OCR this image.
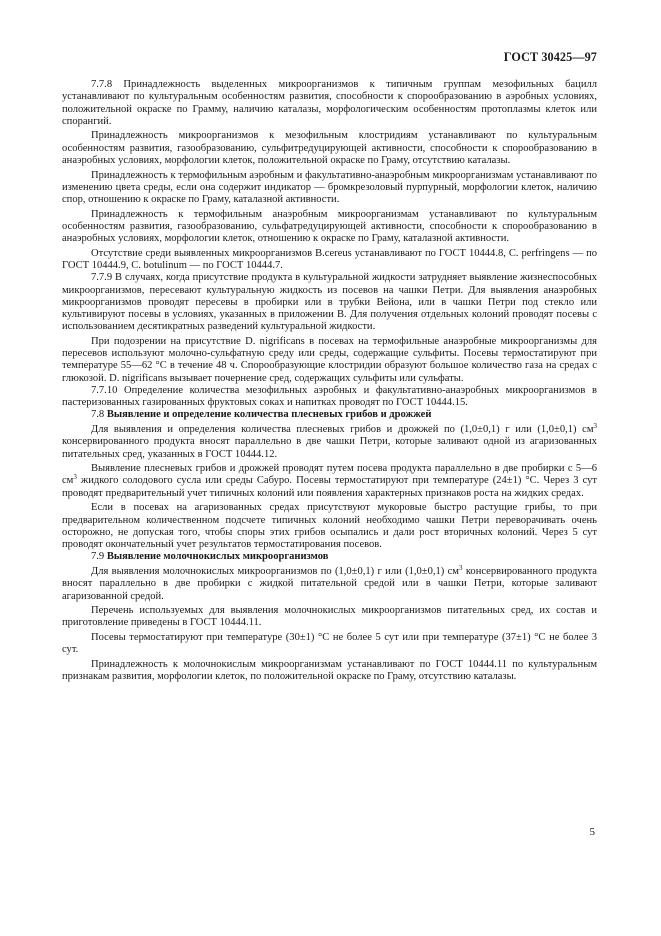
ГОСТ 30425—97

7.7.8 Принадлежность выделенных микроорганизмов к типичным группам мезофильных бацилл устанавливают по культуральным особенностям развития, способности к спорообразованию в аэробных условиях, положительной окраске по Грамму, наличию каталазы, морфологическим особенностям протоплазмы клеток или спорангий.

Принадлежность микроорганизмов к мезофильным клостридиям устанавливают по культуральным особенностям развития, газообразованию, сульфитредуцирующей активности, способности к спорообразованию в анаэробных условиях, морфологии клеток, положительной окраске по Граму, отсутствию каталазы.

Принадлежность к термофильным аэробным и факультативно-анаэробным микроорганизмам устанавливают по изменению цвета среды, если она содержит индикатор — бромкрезоловый пурпурный, морфологии клеток, наличию спор, отношению к окраске по Граму, каталазной активности.

Принадлежность к термофильным анаэробным микроорганизмам устанавливают по культуральным особенностям развития, газообразованию, сульфатредуцирующей активности, способности к спорообразованию в анаэробных условиях, морфологии клеток, отношению к окраске по Граму, каталазной активности.

Отсутствие среди выявленных микроорганизмов B.cereus устанавливают по ГОСТ 10444.8, C. perfringens — по ГОСТ 10444.9, C. botulinum — по ГОСТ 10444.7.

7.7.9 В случаях, когда присутствие продукта в культуральной жидкости затрудняет выявление жизнеспособных микроорганизмов, пересевают культуральную жидкость из посевов на чашки Петри. Для выявления анаэробных микроорганизмов проводят пересевы в пробирки или в трубки Вейона, или в чашки Петри под стекло или культивируют посевы в условиях, указанных в приложении В. Для получения отдельных колоний проводят посевы с использованием десятикратных разведений культуральной жидкости.

При подозрении на присутствие D. nigrificans в посевах на термофильные анаэробные микроорганизмы для пересевов используют молочно-сульфатную среду или среды, содержащие сульфиты. Посевы термостатируют при температуре 55—62 °С в течение 48 ч. Спорообразующие клостридии образуют большое количество газа на средах с глюкозой. D. nigrificans вызывает почернение сред, содержащих сульфиты или сульфаты.

7.7.10 Определение количества мезофильных аэробных и факультативно-анаэробных микроорганизмов в пастеризованных газированных фруктовых соках и напитках проводят по ГОСТ 10444.15.

7.8 Выявление и определение количества плесневых грибов и дрожжей

Для выявления и определения количества плесневых грибов и дрожжей по (1,0±0,1) г или (1,0±0,1) $см^3$ консервированного продукта вносят параллельно в две чашки Петри, которые заливают одной из агаризованных питательных сред, указанных в ГОСТ 10444.12.

Выявление плесневых грибов и дрожжей проводят путем посева продукта параллельно в две пробирки с 5—6 $см^3$ жидкого солодового сусла или среды Сабуро. Посевы термостатируют при температуре (24±1) °С. Через 3 сут проводят предварительный учет типичных колоний или появления характерных признаков роста на жидких средах.

Если в посевах на агаризованных средах присутствуют мукоровые быстро растущие грибы, то при предварительном количественном подсчете типичных колоний необходимо чашки Петри переворачивать очень осторожно, не допуская того, чтобы споры этих грибов осыпались и дали рост вторичных колоний. Через 5 сут проводят окончательный учет результатов термостатирования посевов.

7.9 Выявление молочнокислых микроорганизмов

Для выявления молочнокислых микроорганизмов по (1,0±0,1) г или (1,0±0,1) $см^3$ консервированного продукта вносят параллельно в две пробирки с жидкой питательной средой или в чашки Петри, которые заливают агаризованной средой.

Перечень используемых для выявления молочнокислых микроорганизмов питательных сред, их состав и приготовление приведены в ГОСТ 10444.11.

Посевы термостатируют при температуре (30±1) °С не более 5 сут или при температуре (37±1) °С не более 3 сут.

Принадлежность к молочнокислым микроорганизмам устанавливают по ГОСТ 10444.11 по культуральным признакам развития, морфологии клеток, по положительной окраске по Граму, отсутствию каталазы.

5
